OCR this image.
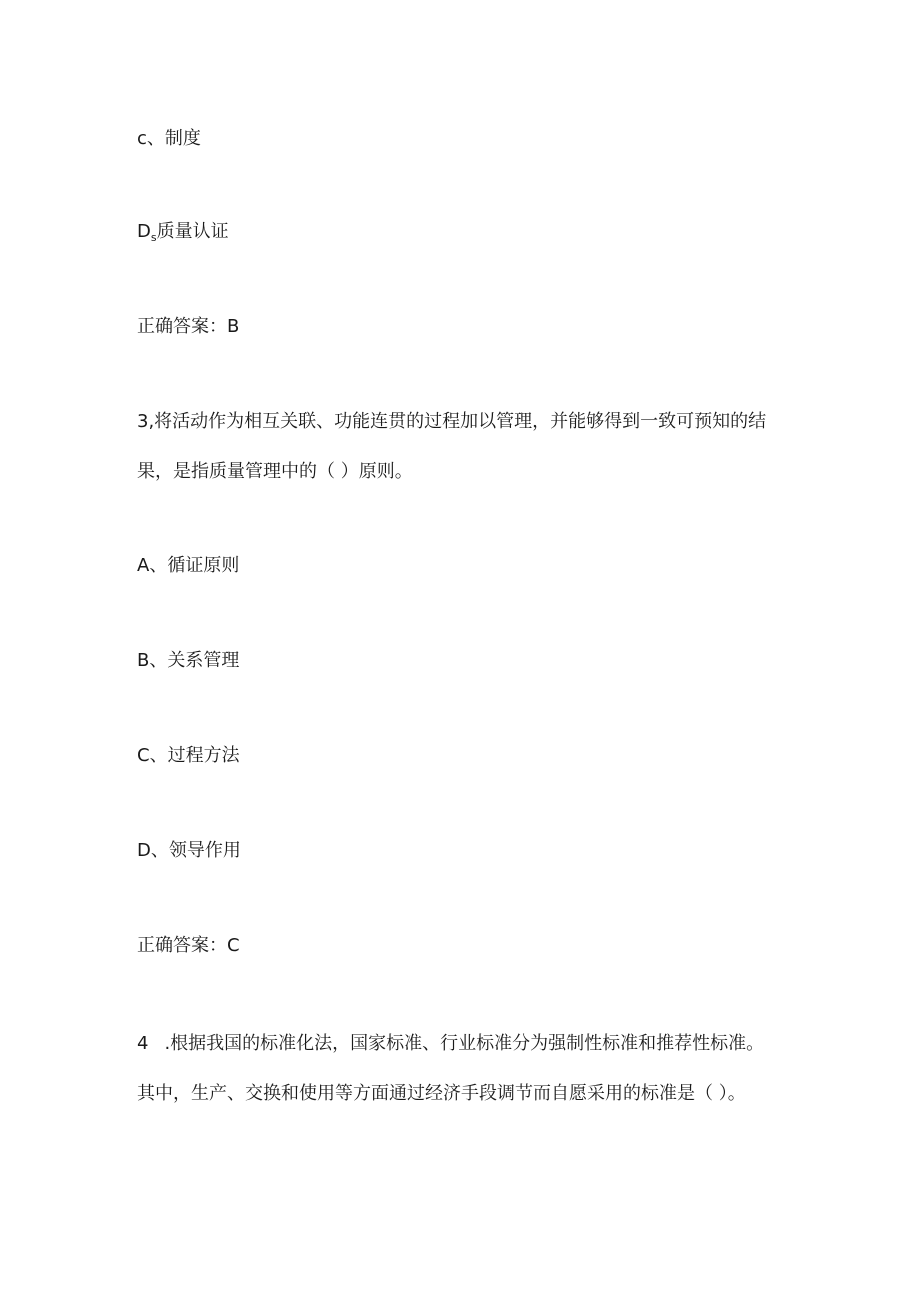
c、制度

$D_s$质量认证

正确答案：B

3,将活动作为相互关联、功能连贯的过程加以管理，并能够得到一致可预知的结

果，是指质量管理中的（ ）原则。

A、循证原则

B、关系管理

C、过程方法

D、领导作用

正确答案：C

4 .根据我国的标准化法，国家标准、行业标准分为强制性标准和推荐性标准。

其中，生产、交换和使用等方面通过经济手段调节而自愿采用的标准是（ ）。
